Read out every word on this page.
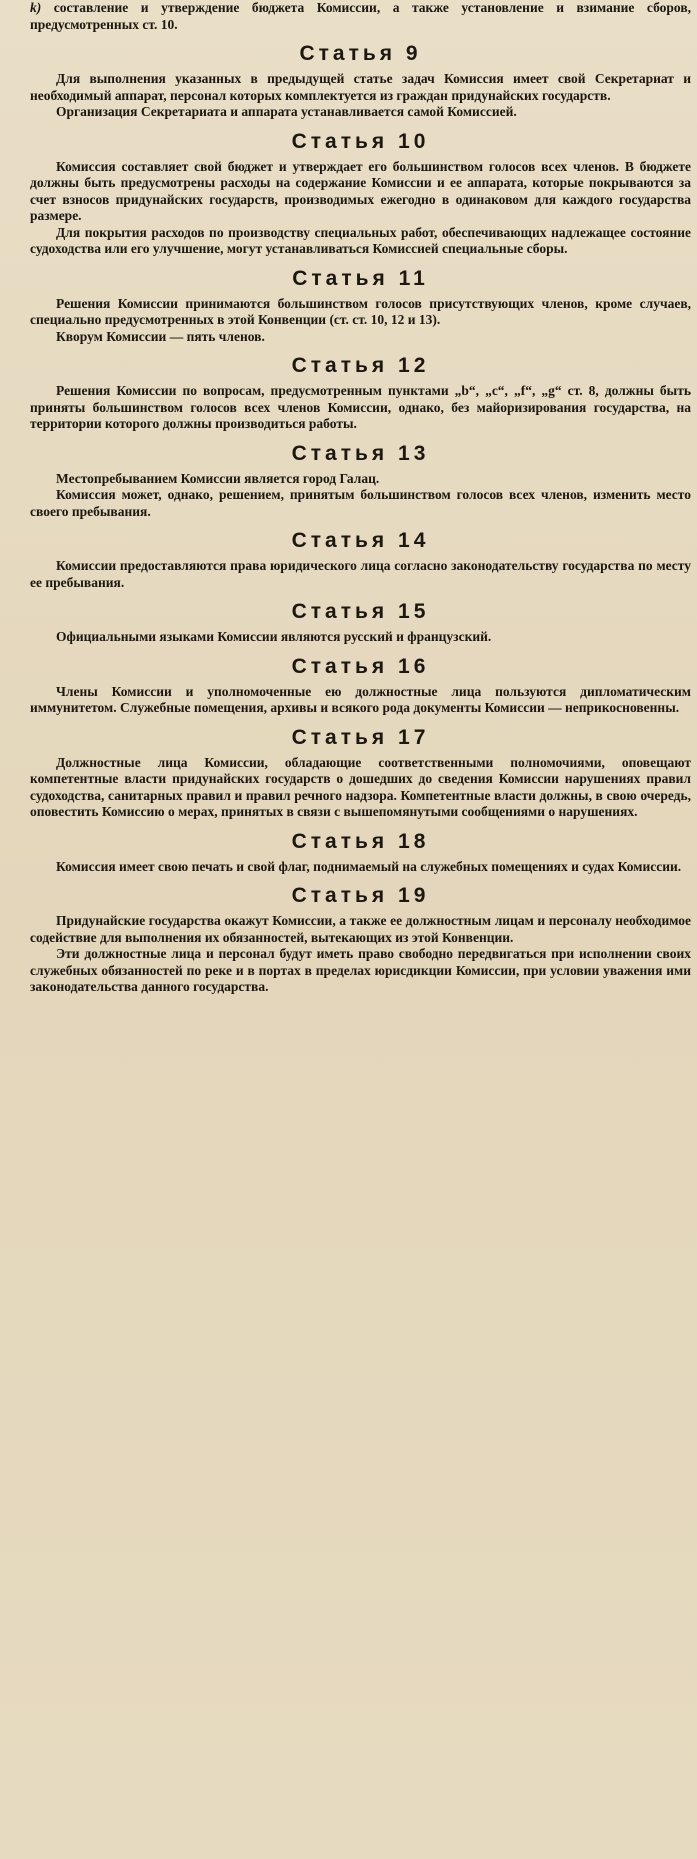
k) составление и утверждение бюджета Комиссии, а также установление и взимание сборов, предусмотренных ст. 10.

Статья 9

Для выполнения указанных в предыдущей статье задач Комиссия имеет свой Секретариат и необходимый аппарат, персонал которых комплектуется из граждан придунайских государств.

Организация Секретариата и аппарата устанавливается самой Комиссией.

Статья 10

Комиссия составляет свой бюджет и утверждает его большинством голосов всех членов. В бюджете должны быть предусмотрены расходы на содержание Комиссии и ее аппарата, которые покрываются за счет взносов придунайских государств, производимых ежегодно в одинаковом для каждого государства размере.

Для покрытия расходов по производству специальных работ, обеспечивающих надлежащее состояние судоходства или его улучшение, могут устанавливаться Комиссией специальные сборы.

Статья 11

Решения Комиссии принимаются большинством голосов присутствующих членов, кроме случаев, специально предусмотренных в этой Конвенции (ст. ст. 10, 12 и 13).

Кворум Комиссии — пять членов.

Статья 12

Решения Комиссии по вопросам, предусмотренным пунктами „b“, „c“, „f“, „g“ ст. 8, должны быть приняты большинством голосов всех членов Комиссии, однако, без майоризирования государства, на территории которого должны производиться работы.

Статья 13

Местопребыванием Комиссии является город Галац.

Комиссия может, однако, решением, принятым большинством голосов всех членов, изменить место своего пребывания.

Статья 14

Комиссии предоставляются права юридического лица согласно законодательству государства по месту ее пребывания.

Статья 15

Официальными языками Комиссии являются русский и французский.

Статья 16

Члены Комиссии и уполномоченные ею должностные лица пользуются дипломатическим иммунитетом. Служебные помещения, архивы и всякого рода документы Комиссии — неприкосновенны.

Статья 17

Должностные лица Комиссии, обладающие соответственными полномочиями, оповещают компетентные власти придунайских государств о дошедших до сведения Комиссии нарушениях правил судоходства, санитарных правил и правил речного надзора. Компетентные власти должны, в свою очередь, оповестить Комиссию о мерах, принятых в связи с вышепомянутыми сообщениями о нарушениях.

Статья 18

Комиссия имеет свою печать и свой флаг, поднимаемый на служебных помещениях и судах Комиссии.

Статья 19

Придунайские государства окажут Комиссии, а также ее должностным лицам и персоналу необходимое содействие для выполнения их обязанностей, вытекающих из этой Конвенции.

Эти должностные лица и персонал будут иметь право свободно передвигаться при исполнении своих служебных обязанностей по реке и в портах в пределах юрисдикции Комиссии, при условии уважения ими законодательства данного государства.
